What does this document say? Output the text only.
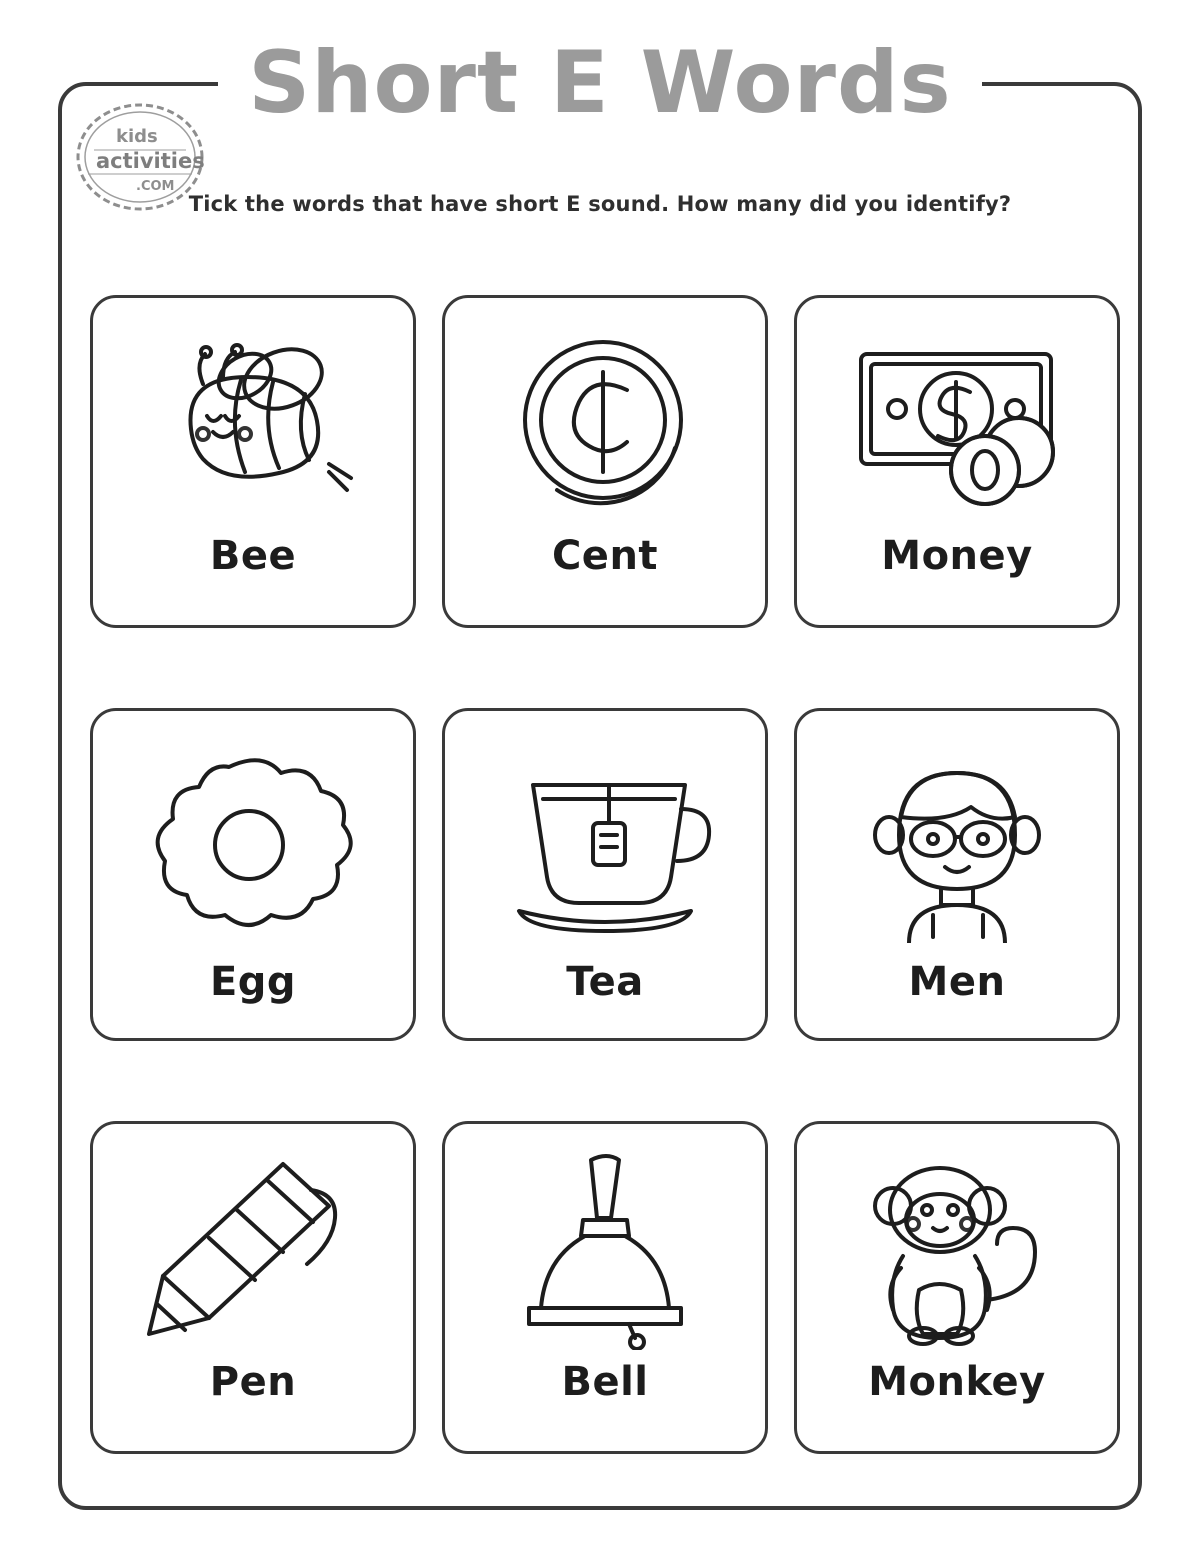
Short E Words
kids
activities
.COM
Tick the words that have short E sound. How many did you identify?
Bee	Cent	Money
Egg	Tea	Men
Pen	Bell	Monkey
